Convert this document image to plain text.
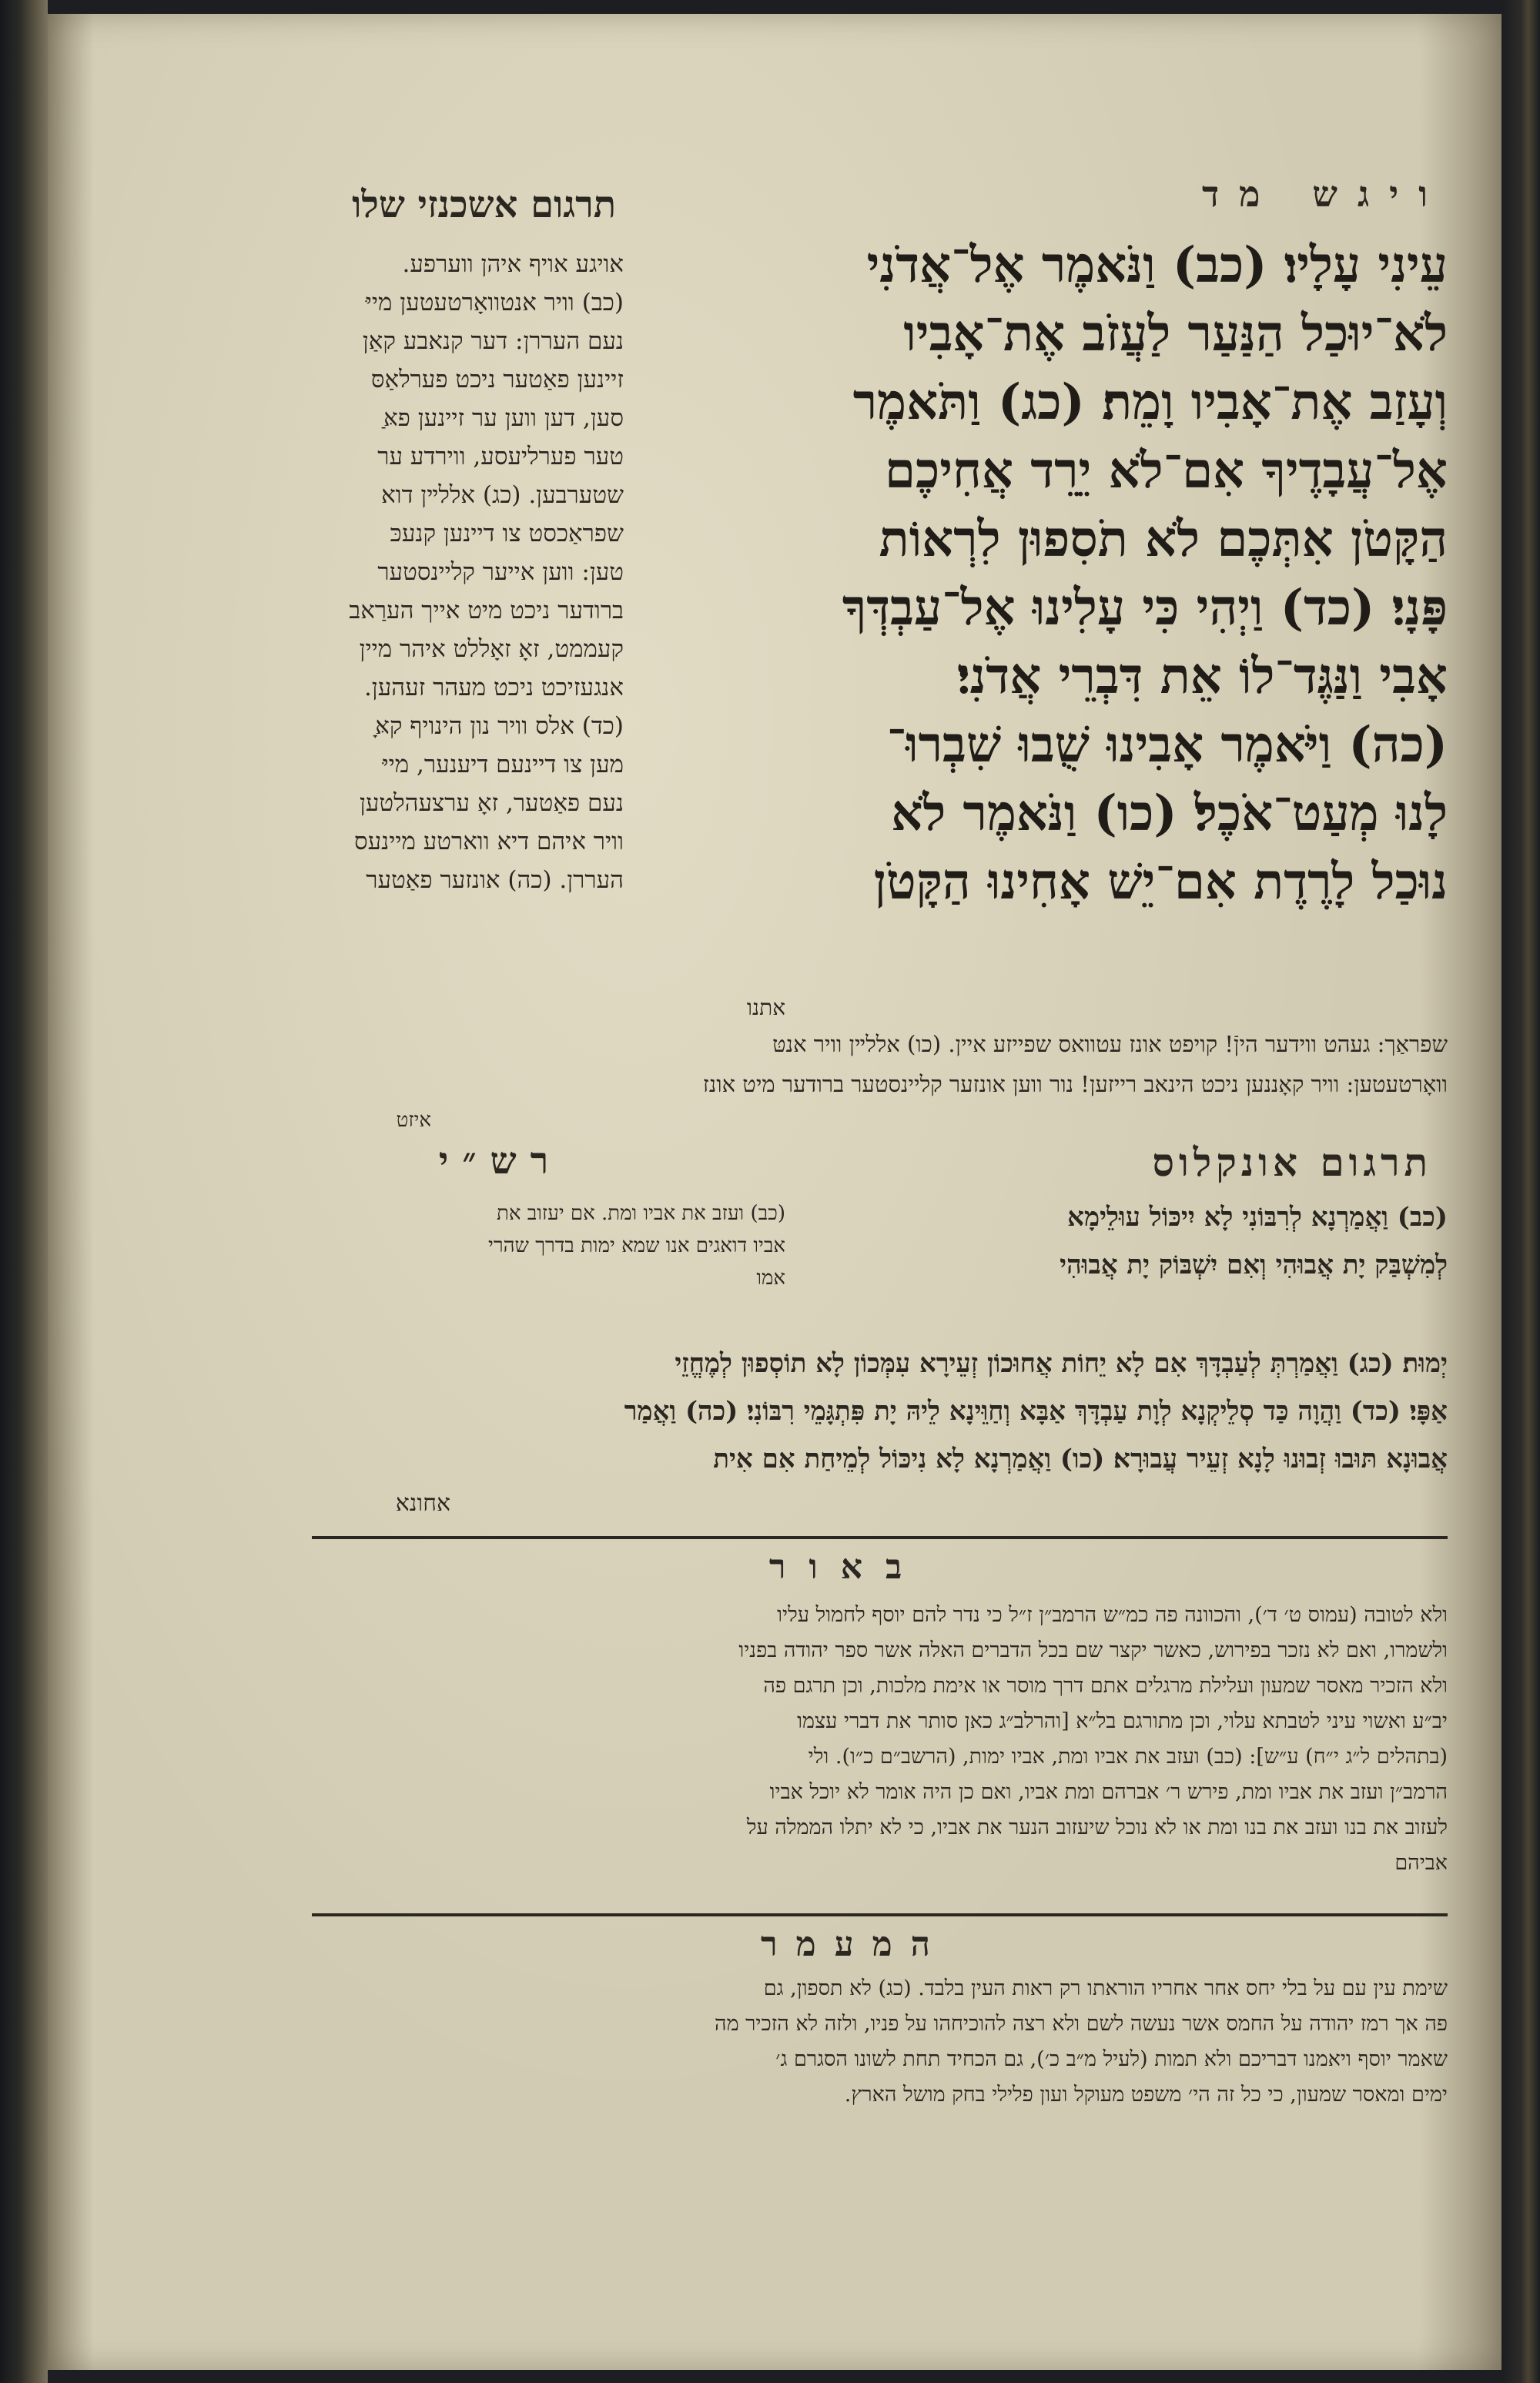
ויגש מד
תרגום אשכנזי שלו
עֵינִי עָלָיו׃ (כב) וַנֹּאמֶר אֶל־אֲדֹנִי
לֹא־יוּכַל הַנַּעַר לַעֲזֹב אֶת־אָבִיו
וְעָזַב אֶת־אָבִיו וָמֵת׃ (כג) וַתֹּאמֶר
אֶל־עֲבָדֶיךָ אִם־לֹא יֵרֵד אֲחִיכֶם
הַקָּטֹן אִתְּכֶם לֹא תֹסִפוּן לִרְאוֹת
פָּנָי׃ (כד) וַיְהִי כִּי עָלִינוּ אֶל־עַבְדְּךָ
אָבִי וַנַּגֶּד־לוֹ אֵת דִּבְרֵי אֲדֹנִי׃
(כה) וַיֹּאמֶר אָבִינוּ שֻׁבוּ שִׁבְרוּ־
לָנוּ מְעַט־אֹכֶל׃ (כו) וַנֹּאמֶר לֹא
נוּכַל לָרֶדֶת אִם־יֵשׁ אָחִינוּ הַקָּטֹן
אתנו
אויגע אויף איהן ווערפע.
(כב) וויר אנטוואָרטעטען מייּ
נעם העררן: דער קנאבע קאַן
זיינען פאַטער ניכט פערלאַסּ
סען, דען ווען ער זיינען פאַּ
טער פערליעסע, ווירדע ער
שטערבען. (כג) אללײן דוא
שפראַכסט צו דיינען קנעכּ
טען: ווען אייער קליינסטער
ברודער ניכט מיט אייך הערַאב
קעממט, זאָ זאָללט איהר מיין
אנגעזיכט ניכט מעהר זעהען.
(כד) אלס וויר נון הינויף קאָּ
מען צו דיינעם דיענער, מייּ
נעם פאַטער, זאָ ערצעהלטען
וויר איהם דיא ווארטע מיינעס
העררן. (כה) אונזער פאַטער
שפראַך: געהט ווידער היןֿ! קויפט אונז עטוואס שפייזע איין. (כו) אללײן וויר אנטּ
וואָרטעטען: וויר קאָננען ניכט הינאב רייזען! נור ווען אונזער קליינסטער ברודער מיט אונז
איזט
תרגום אונקלוס
רש״י
(כב) ועזב את אביו ומת. אם יעזוב את
אביו דואגים אנו שמא ימות בדרך שהרי
אמו
(כב) וַאֲמַרְנָא לְרִבּוֹנִי לָא יִיכּוֹל עוּלֵימָא
לְמִשְׁבַּק יָת אֲבוּהִי וְאִם יִשְׁבּוֹק יָת אֲבוּהִי
יְמוּת׃ (כג) וַאֲמַרְתְּ לְעַבְדָּךְ אִם לָא יֵחוֹת אֲחוּכוֹן זְעֵירָא עִמְּכוֹן לָא תוֹסְפוּן לְמֶחֱזֵי
אַפָּי׃ (כד) וַהֲוָה כַּד סְלֵיקְנָא לְוָת עַבְדָּךְ אַבָּא וְחַוֵּינָא לֵיהּ יָת פִּתְגָּמֵי רִבּוֹנִי׃ (כה) וַאֲמַר
אֲבוּנָא תּוּבוּ זְבוּנוּ לָנָא זְעֵיר עֲבוּרָא׃ (כו) וַאֲמַרְנָא לָא נִיכּוֹל לְמֵיחַת אִם אִית
אחונא
באור
ולא לטובה (עמוס ט׳ ד׳), והכוונה פה כמ״ש הרמב״ן ז״ל כי נדר להם יוסף לחמול עליו
ולשמרו, ואם לא נזכר בפירוש, כאשר יקצר שם בכל הדברים האלה אשר ספר יהודה בפניו
ולא הזכיר מאסר שמעון ועלילת מרגלים אתם דרך מוסר או אימת מלכות, וכן תרגם פה
יב״ע ואשוי עיני לטבתא עלוי, וכן מתורגם בל״א [והרלב״ג כאן סותר את דברי עצמו
(בתהלים ל״ג י״ח) ע״ש]: (כב) ועזב את אביו ומת, אביו ימות, (הרשב״ם כ״ו). ולי
הרמב״ן ועזב את אביו ומת, פירש ר׳ אברהם ומת אביו, ואם כן היה אומר לא יוכל אביו
לעזוב את בנו ועזב את בנו ומת או לא נוכל שיעזוב הנער את אביו, כי לא יתלו הממלה על
אביהם
המעמר
שימת עין עם על בלי יחס אחר אחריו הוראתו רק ראות העין בלבד. (כג) לא תספון, גם
פה אך רמז יהודה על החמס אשר נעשה לשם ולא רצה להוכיחהו על פניו, ולזה לא הזכיר מה
שאמר יוסף ויאמנו דבריכם ולא תמות (לעיל מ״ב כ׳), גם הכחיד תחת לשונו הסגרם ג׳
ימים ומאסר שמעון, כי כל זה הי׳ משפט מעוקל ועון פלילי בחק מושל הארץ.
